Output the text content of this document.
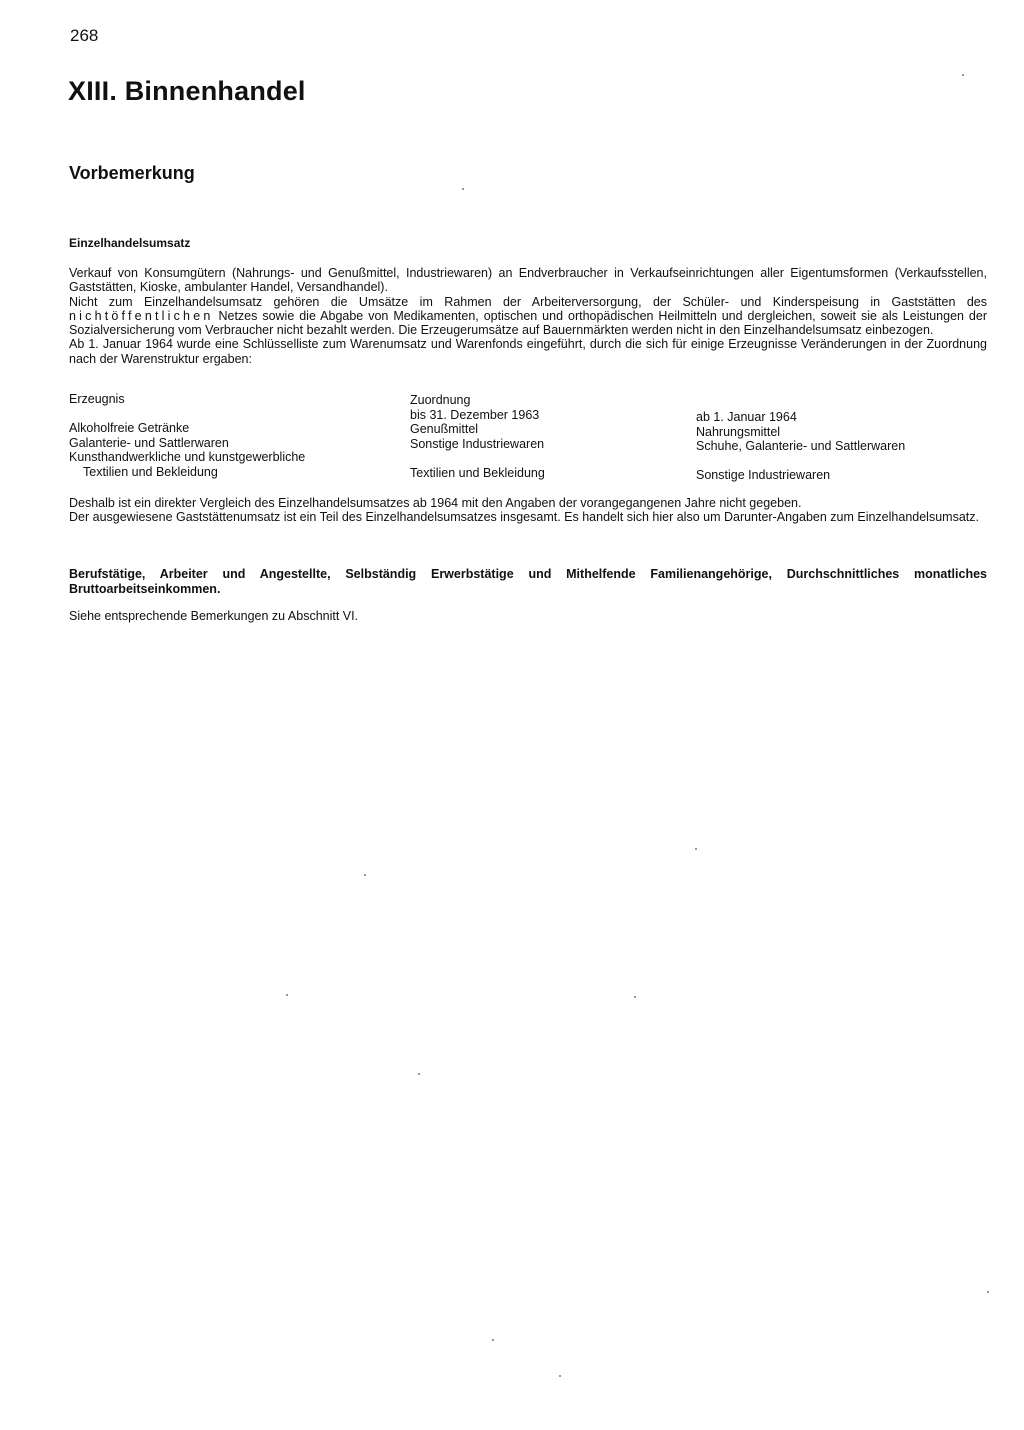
268
XIII. Binnenhandel
Vorbemerkung
Einzelhandelsumsatz

Verkauf von Konsumgütern (Nahrungs- und Genußmittel, Industriewaren) an Endverbraucher in Verkaufseinrichtungen aller Eigentumsformen (Verkaufsstellen, Gaststätten, Kioske, ambulanter Handel, Versandhandel).

Nicht zum Einzelhandelsumsatz gehören die Umsätze im Rahmen der Arbeiterversorgung, der Schüler- und Kinderspeisung in Gaststätten des nichtöffentlichen Netzes sowie die Abgabe von Medikamenten, optischen und orthopädischen Heilmitteln und dergleichen, soweit sie als Leistungen der Sozialversicherung vom Verbraucher nicht bezahlt werden. Die Erzeugerumsätze auf Bauernmärkten werden nicht in den Einzelhandelsumsatz einbezogen.

Ab 1. Januar 1964 wurde eine Schlüsselliste zum Warenumsatz und Warenfonds eingeführt, durch die sich für einige Erzeugnisse Veränderungen in der Zuordnung nach der Warenstruktur ergaben:

Erzeugnis
Alkoholfreie Getränke
Galanterie- und Sattlerwaren
Kunsthandwerkliche und kunstgewerbliche
Textilien und Bekleidung
Zuordnung
bis 31. Dezember 1963
Genußmittel
Sonstige Industriewaren
Textilien und Bekleidung
ab 1. Januar 1964
Nahrungsmittel
Schuhe, Galanterie- und Sattlerwaren
Sonstige Industriewaren

Deshalb ist ein direkter Vergleich des Einzelhandelsumsatzes ab 1964 mit den Angaben der vorangegangenen Jahre nicht gegeben.

Der ausgewiesene Gaststättenumsatz ist ein Teil des Einzelhandelsumsatzes insgesamt. Es handelt sich hier also um Darunter-Angaben zum Einzelhandelsumsatz.

Berufstätige, Arbeiter und Angestellte, Selbständig Erwerbstätige und Mithelfende Familienangehörige, Durchschnittliches monatliches Bruttoarbeitseinkommen.

Siehe entsprechende Bemerkungen zu Abschnitt VI.
